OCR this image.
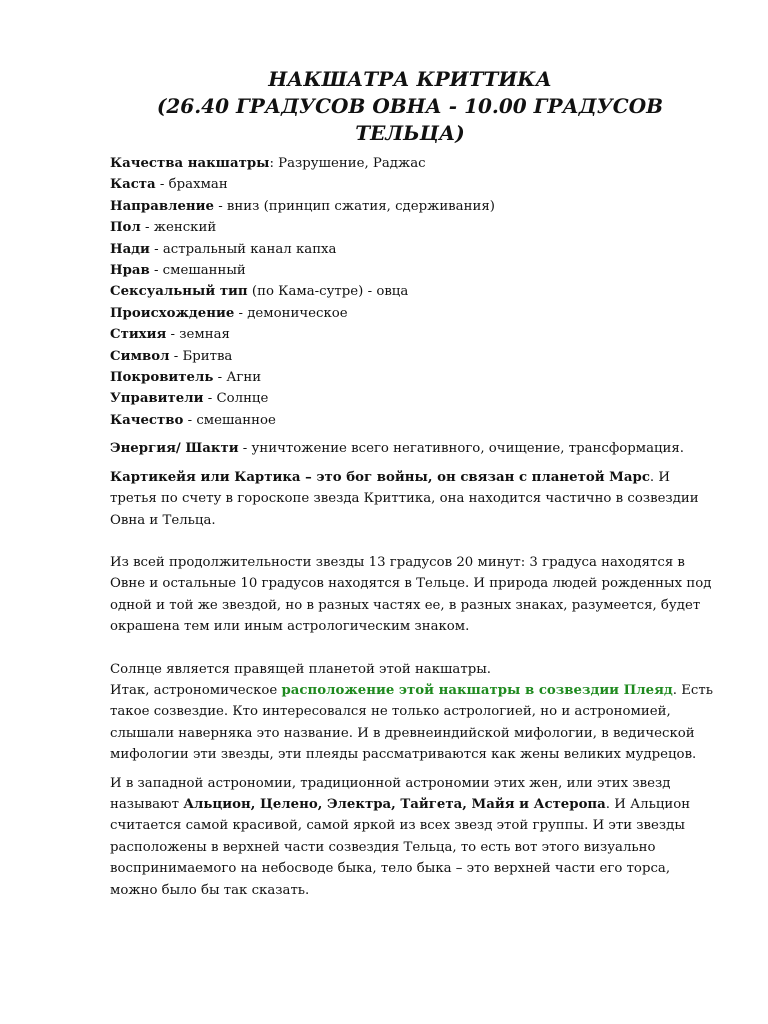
НАКШАТРА КРИТТИКА
(26.40 ГРАДУСОВ ОВНА - 10.00 ГРАДУСОВ
ТЕЛЬЦА)
Качества накшатры: Разрушение, Раджас
Каста - брахман
Направление - вниз (принцип сжатия, сдерживания)
Пол - женский
Нади - астральный канал капха
Нрав - смешанный
Сексуальный тип (по Кама-сутре) - овца
Происхождение - демоническое
Стихия - земная
Символ - Бритва
Покровитель - Агни
Управители - Солнце
Качество - смешанное
Энергия/ Шакти - уничтожение всего негативного, очищение, трансформация.
Картикейя или Картика – это бог войны, он связан с планетой Марс. И третья по счету в гороскопе звезда Криттика, она находится частично в созвездии Овна и Тельца.
Из всей продолжительности звезды 13 градусов 20 минут: 3 градуса находятся в Овне и остальные 10 градусов находятся в Тельце. И природа людей рожденных под одной и той же звездой, но в разных частях ее, в разных знаках, разумеется, будет окрашена тем или иным астрологическим знаком.
Солнце является правящей планетой этой накшатры.
Итак, астрономическое расположение этой накшатры в созвездии Плеяд. Есть такое созвездие. Кто интересовался не только астрологией, но и астрономией, слышали наверняка это название. И в древнеиндийской мифологии, в ведической мифологии эти звезды, эти плеяды рассматриваются как жены великих мудрецов.
И в западной астрономии, традиционной астрономии этих жен, или этих звезд называют Альцион, Целено, Электра, Тайгета, Майя и Астеропа. И Альцион считается самой красивой, самой яркой из всех звезд этой группы. И эти звезды расположены в верхней части созвездия Тельца, то есть вот этого визуально воспринимаемого на небосводе быка, тело быка – это верхней части его торса, можно было бы так сказать.
